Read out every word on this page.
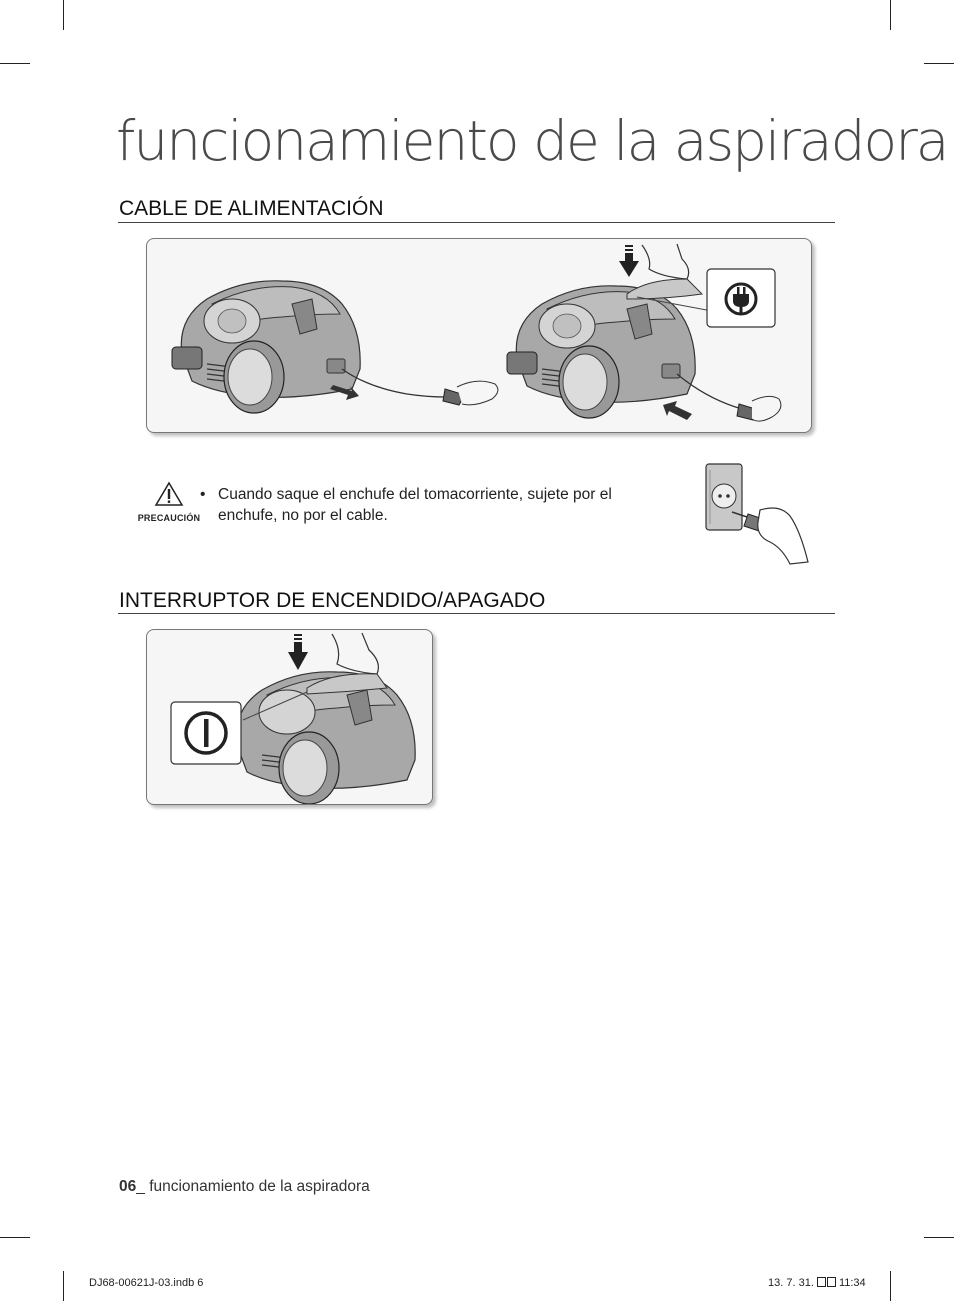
funcionamiento de la aspiradora
CABLE DE ALIMENTACIÓN
PRECAUCIÓN
• Cuando saque el enchufe del tomacorriente, sujete por el enchufe, no por el cable.
INTERRUPTOR DE ENCENDIDO/APAGADO
06_ funcionamiento de la aspiradora
DJ68-00621J-03.indb 6	13. 7. 31. 11:34
